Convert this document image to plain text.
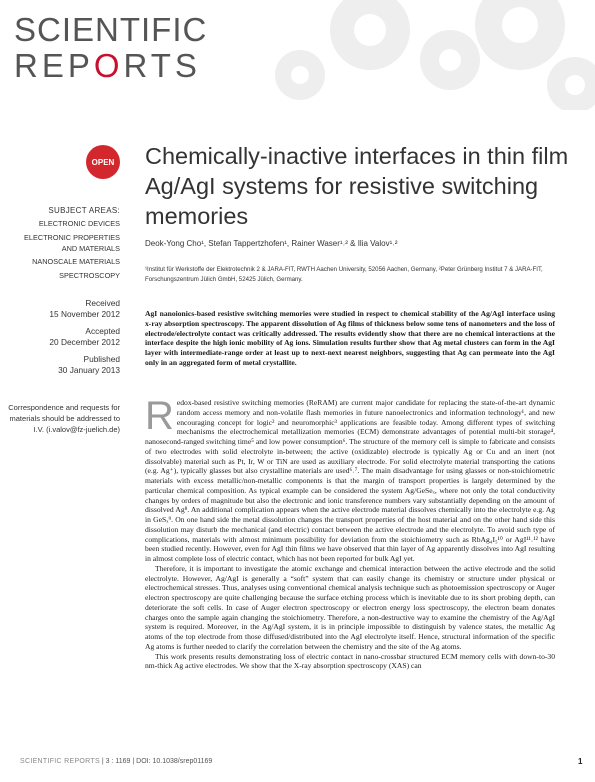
SCIENTIFIC
REPORTS
OPEN Chemically-inactive interfaces in thin film Ag/AgI systems for resistive switching memories
SUBJECT AREAS:
ELECTRONIC DEVICES
ELECTRONIC PROPERTIES AND MATERIALS
NANOSCALE MATERIALS
SPECTROSCOPY
Received
15 November 2012
Accepted
20 December 2012
Published
30 January 2013
Correspondence and requests for materials should be addressed to I.V. (i.valov@fz-juelich.de)
Deok-Yong Cho¹, Stefan Tappertzhofen¹, Rainer Waser¹˒² & Ilia Valov¹˒²
¹Institut für Werkstoffe der Elektrotechnik 2 & JARA-FIT, RWTH Aachen University, 52056 Aachen, Germany, ²Peter Grünberg Institut 7 & JARA-FIT, Forschungszentrum Jülich GmbH, 52425 Jülich, Germany.
AgI nanoionics-based resistive switching memories were studied in respect to chemical stability of the Ag/AgI interface using x-ray absorption spectroscopy. The apparent dissolution of Ag films of thickness below some tens of nanometers and the loss of electrode/electrolyte contact was critically addressed. The results evidently show that there are no chemical interactions at the interface despite the high ionic mobility of Ag ions. Simulation results further show that Ag metal clusters can form in the AgI layer with intermediate-range order at least up to next-next nearest neighbors, suggesting that Ag can permeate into the AgI only in an aggregated form of metal crystallite.

Redox-based resistive switching memories (ReRAM) are current major candidate for replacing the state-of-the-art dynamic random access memory and non-volatile flash memories in future nanoelectronics and information technology¹, and new encouraging concept for logic² and neuromorphic³ applications are feasible today. Among different types of switching mechanisms the electrochemical metallization memories (ECM) demonstrate advantages of potential multi-bit storage⁴, nanosecond-ranged switching time⁵ and low power consumption⁶. The structure of the memory cell is simple to fabricate and consists of two electrodes with solid electrolyte in-between; the active (oxidizable) electrode is typically Ag or Cu and an inert (not dissolvable) material such as Pt, Ir, W or TiN are used as auxiliary electrode. For solid electrolyte material transporting the cations (e.g. Ag⁺), typically glasses but also crystalline materials are used⁶˒⁷. The main disadvantage for using glasses or non-stoichiometric materials with excess metallic/non-metallic components is that the margin of transport properties is largely determined by the particular chemical composition. As typical example can be considered the system Ag/GeSeₓ, where not only the total conductivity changes by orders of magnitude but also the electronic and ionic transference numbers vary substantially depending on the amount of dissolved Ag⁸. An additional complication appears when the active electrode material dissolves chemically into the electrolyte e.g. Ag in GeSₓ⁹. On one hand side the metal dissolution changes the transport properties of the host material and on the other hand side this dissolution may disturb the mechanical (and electric) contact between the active electrode and the electrolyte. To avoid such type of complications, materials with almost minimum possibility for deviation from the stoichiometry such as RbAg₄I₅¹⁰ or AgI¹¹˒¹² have been studied recently. However, even for AgI thin films we have observed that thin layer of Ag apparently dissolves into AgI resulting in almost complete loss of electric contact, which has not been reported for bulk AgI yet.

Therefore, it is important to investigate the atomic exchange and chemical interaction between the active electrode and the solid electrolyte. However, Ag/AgI is generally a “soft” system that can easily change its chemistry or structure under physical or electrochemical stresses. Thus, analyses using conventional chemical analysis technique such as photoemission spectroscopy or Auger electron spectroscopy are quite challenging because the surface etching process which is inevitable due to its short probing depth, can deteriorate the soft cells. In case of Auger electron spectroscopy or electron energy loss spectroscopy, the electron beam donates charges onto the sample again changing the stoichiometry. Therefore, a non-destructive way to examine the chemistry of the Ag/AgI system is required. Moreover, in the Ag/AgI system, it is in principle impossible to distinguish by valence states, the metallic Ag atoms of the top electrode from those diffused/distributed into the AgI electrolyte itself. Hence, structural information of the specific Ag atoms is further needed to clarify the correlation between the chemistry and the site of the Ag atoms.

This work presents results demonstrating loss of electric contact in nano-crossbar structured ECM memory cells with down-to-30 nm-thick Ag active electrodes. We show that the X-ray absorption spectroscopy (XAS) can

SCIENTIFIC REPORTS | 3 : 1169 | DOI: 10.1038/srep01169	1
